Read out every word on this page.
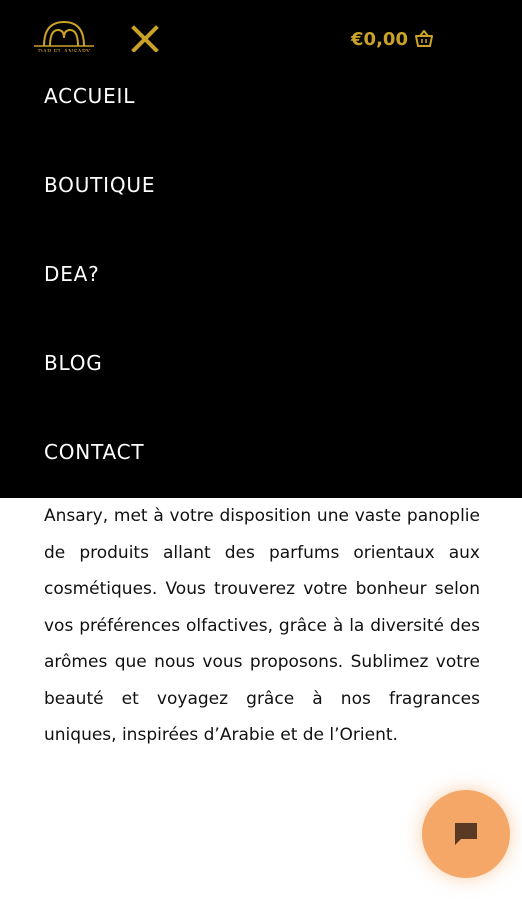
€0,00
ACCUEIL
BOUTIQUE
DEA?
BLOG
CONTACT

Ansary, met à votre disposition une vaste panoplie de produits allant des parfums orientaux aux cosmétiques. Vous trouverez votre bonheur selon vos préférences olfactives, grâce à la diversité des arômes que nous vous proposons. Sublimez votre beauté et voyagez grâce à nos fragrances uniques, inspirées d’Arabie et de l’Orient.
